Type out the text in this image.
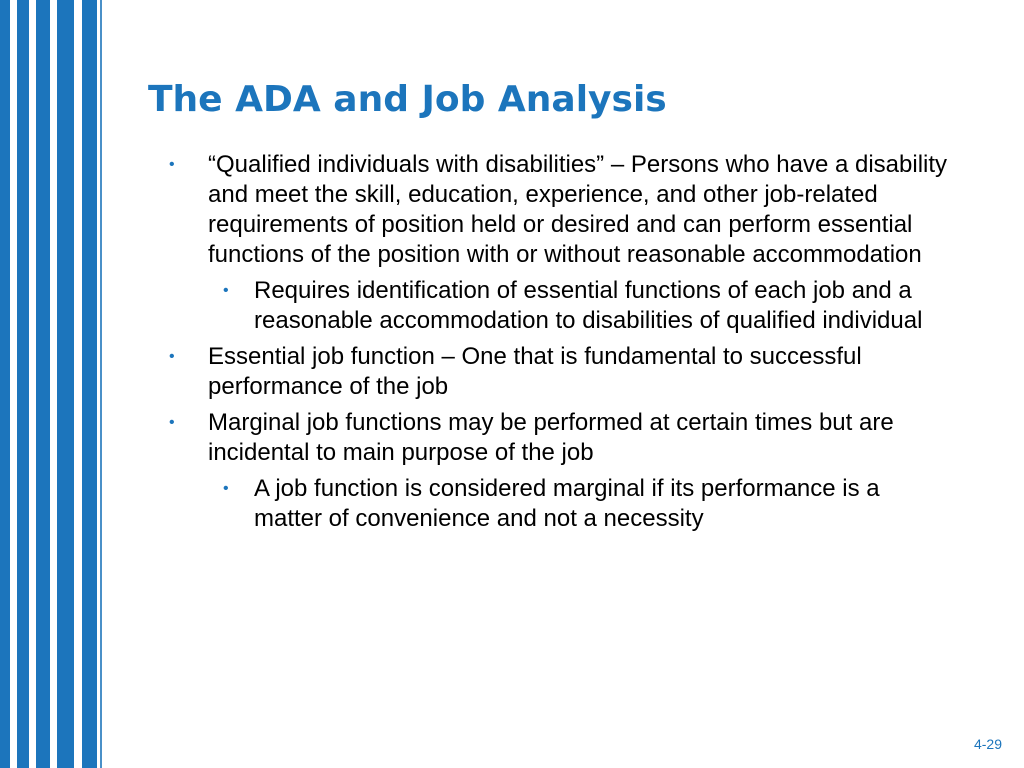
The ADA and Job Analysis
• “Qualified individuals with disabilities” – Persons who have a disability and meet the skill, education, experience, and other job-related requirements of position held or desired and can perform essential functions of the position with or without reasonable accommodation
• Requires identification of essential functions of each job and a reasonable accommodation to disabilities of qualified individual
• Essential job function – One that is fundamental to successful performance of the job
• Marginal job functions may be performed at certain times but are incidental to main purpose of the job
• A job function is considered marginal if its performance is a matter of convenience and not a necessity
4-29
